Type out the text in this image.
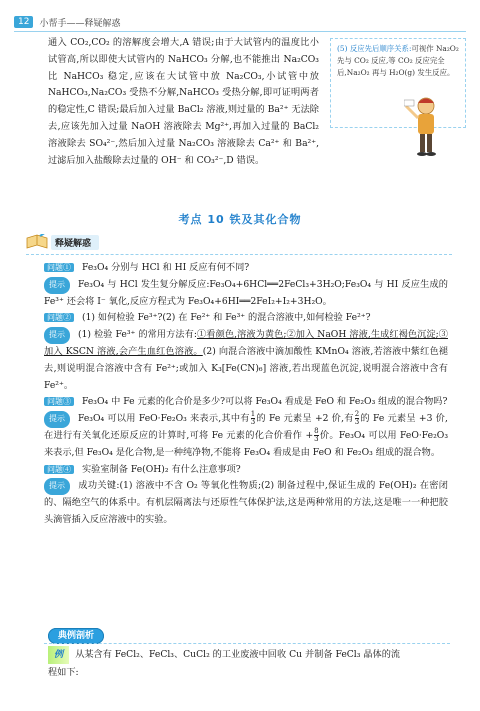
12	小帮手——释疑解惑
通入 CO₂,CO₂ 的溶解度会增大,A 错误;由于大试管内的温度比小试管高,所以即使大试管内的 NaHCO₃ 分解,也不能推出 Na₂CO₃ 比 NaHCO₃ 稳定,应该在大试管中放 Na₂CO₃,小试管中放 NaHCO₃,Na₂CO₃ 受热不分解,NaHCO₃ 受热分解,即可证明两者的稳定性,C 错误;最后加入过量 BaCl₂ 溶液,则过量的 Ba²⁺ 无法除去,应该先加入过量 NaOH 溶液除去 Mg²⁺,再加入过量的 BaCl₂ 溶液除去 SO₄²⁻,然后加入过量 Na₂CO₃ 溶液除去 Ca²⁺ 和 Ba²⁺,过滤后加入盐酸除去过量的 OH⁻ 和 CO₃²⁻,D 错误。
(5) 反应先后顺序关系:可视作 Na₂O₂ 先与 CO₂ 反应,等 CO₂ 反应完全后,Na₂O₂ 再与 H₂O(g) 发生反应。
考点 10 铁及其化合物
释疑解惑

问题① Fe₃O₄ 分别与 HCl 和 HI 反应有何不同?

提示 Fe₃O₄ 与 HCl 发生复分解反应:Fe₃O₄+6HCl══2FeCl₃+3H₂O;Fe₃O₄ 与 HI 反应生成的 Fe³⁺ 还会将 I⁻ 氧化,反应方程式为 Fe₃O₄+6HI══2FeI₂+I₂+3H₂O。

问题② (1) 如何检验 Fe³⁺?(2) 在 Fe²⁺ 和 Fe³⁺ 的混合溶液中,如何检验 Fe²⁺?

提示 (1) 检验 Fe³⁺ 的常用方法有:①看颜色,溶液为黄色;②加入 NaOH 溶液,生成红褐色沉淀;③加入 KSCN 溶液,会产生血红色溶液。(2) 向混合溶液中滴加酸性 KMnO₄ 溶液,若溶液中紫红色褪去,则说明混合溶液中含有 Fe²⁺;或加入 K₃[Fe(CN)₆] 溶液,若出现蓝色沉淀,说明混合溶液中含有 Fe²⁺。

问题③ Fe₃O₄ 中 Fe 元素的化合价是多少?可以将 Fe₃O₄ 看成是 FeO 和 Fe₂O₃ 组成的混合物吗?

提示 Fe₃O₄ 可以用 FeO·Fe₂O₃ 来表示,其中有 $\frac{1}{3}$ 的 Fe 元素呈 +2 价,有 $\frac{2}{3}$ 的 Fe 元素呈 +3 价,在进行有关氧化还原反应的计算时,可将 Fe 元素的化合价看作 + $\frac{8}{3}$ 价。Fe₃O₄ 可以用 FeO·Fe₂O₃ 来表示,但 Fe₃O₄ 是化合物,是一种纯净物,不能将 Fe₃O₄ 看成是由 FeO 和 Fe₂O₃ 组成的混合物。

问题④ 实验室制备 Fe(OH)₂ 有什么注意事项?

提示 成功关键:(1) 溶液中不含 O₂ 等氧化性物质;(2) 制备过程中,保证生成的 Fe(OH)₂ 在密闭的、隔绝空气的体系中。有机层隔离法与还原性气体保护法,这是两种常用的方法,这是唯一一种把胶头滴管插入反应溶液中的实验。

典例剖析
例 从某含有 FeCl₂、FeCl₃、CuCl₂ 的工业废液中回收 Cu 并制备 FeCl₃ 晶体的流程如下:
